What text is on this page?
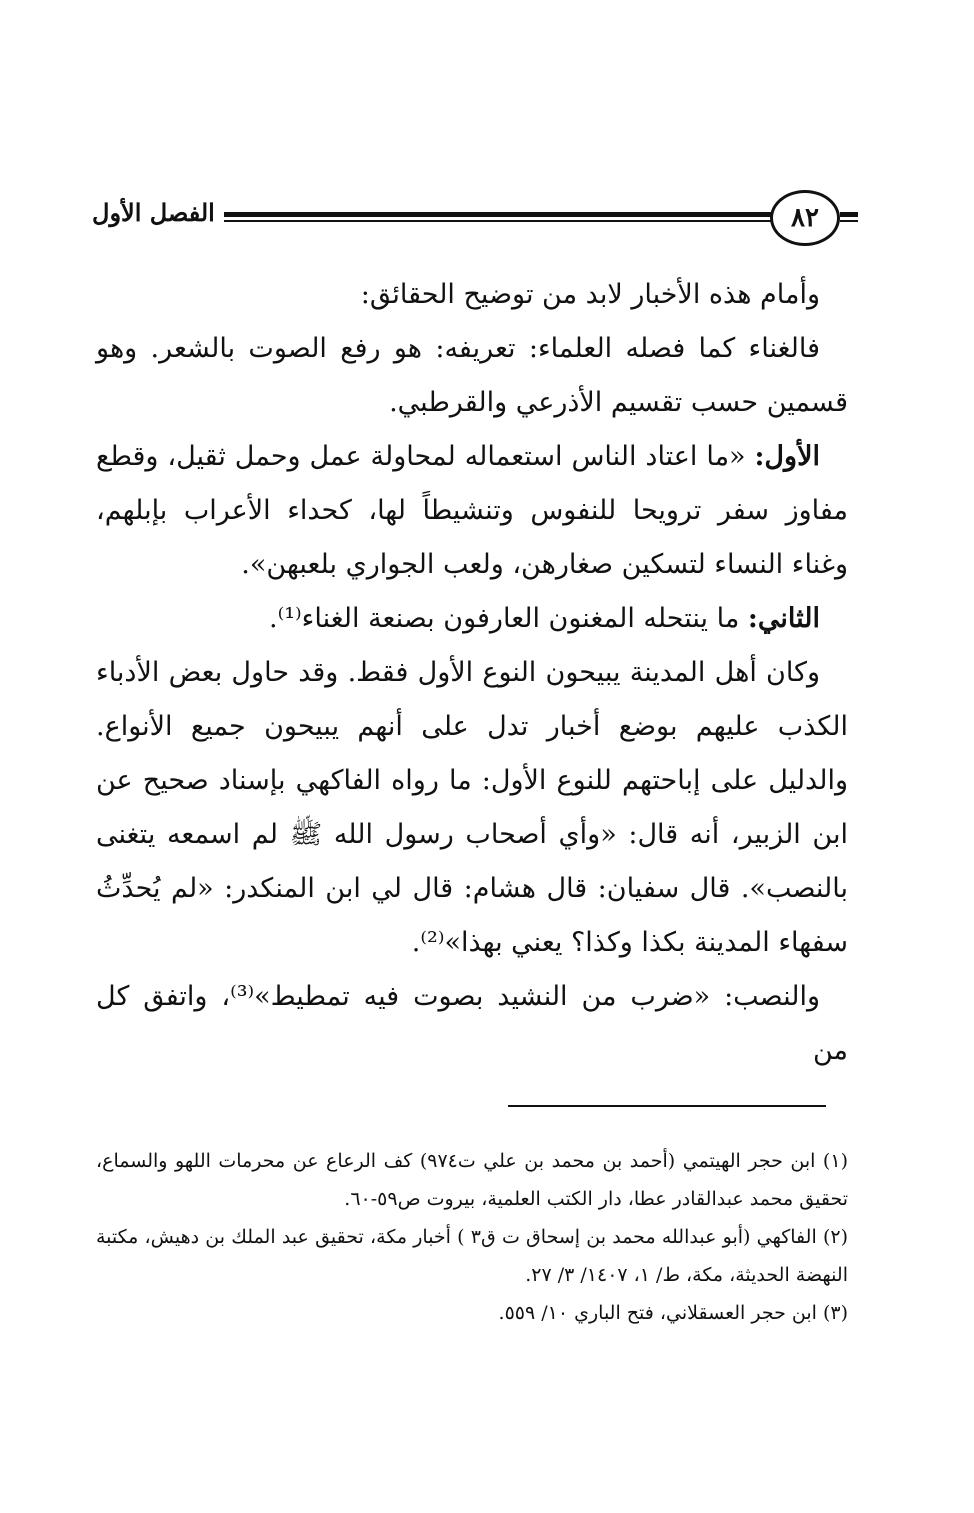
الفصل الأول	٨٢

وأمام هذه الأخبار لابد من توضيح الحقائق:

فالغناء كما فصله العلماء: تعريفه: هو رفع الصوت بالشعر. وهو قسمين حسب تقسيم الأذرعي والقرطبي.

الأول: «ما اعتاد الناس استعماله لمحاولة عمل وحمل ثقيل، وقطع مفاوز سفر ترويحا للنفوس وتنشيطاً لها، كحداء الأعراب بإبلهم، وغناء النساء لتسكين صغارهن، ولعب الجواري بلعبهن».

الثاني: ما ينتحله المغنون العارفون بصنعة الغناء⁽¹⁾.

وكان أهل المدينة يبيحون النوع الأول فقط. وقد حاول بعض الأدباء الكذب عليهم بوضع أخبار تدل على أنهم يبيحون جميع الأنواع. والدليل على إباحتهم للنوع الأول: ما رواه الفاكهي بإسناد صحيح عن ابن الزبير، أنه قال: «وأي أصحاب رسول الله ﷺ لم اسمعه يتغنى بالنصب». قال سفيان: قال هشام: قال لي ابن المنكدر: «لم يُحدِّثُ سفهاء المدينة بكذا وكذا؟ يعني بهذا»⁽²⁾.

والنصب: «ضرب من النشيد بصوت فيه تمطيط»⁽³⁾، واتفق كل من

(١) ابن حجر الهيتمي (أحمد بن محمد بن علي ت٩٧٤) كف الرعاع عن محرمات اللهو والسماع، تحقيق محمد عبدالقادر عطا، دار الكتب العلمية، بيروت ص٥٩-٦٠.

(٢) الفاكهي (أبو عبدالله محمد بن إسحاق ت ق٣ ) أخبار مكة، تحقيق عبد الملك بن دهيش، مكتبة النهضة الحديثة، مكة، ط/ ١، ١٤٠٧/ ٣/ ٢٧.

(٣) ابن حجر العسقلاني، فتح الباري ١٠/ ٥٥٩.
